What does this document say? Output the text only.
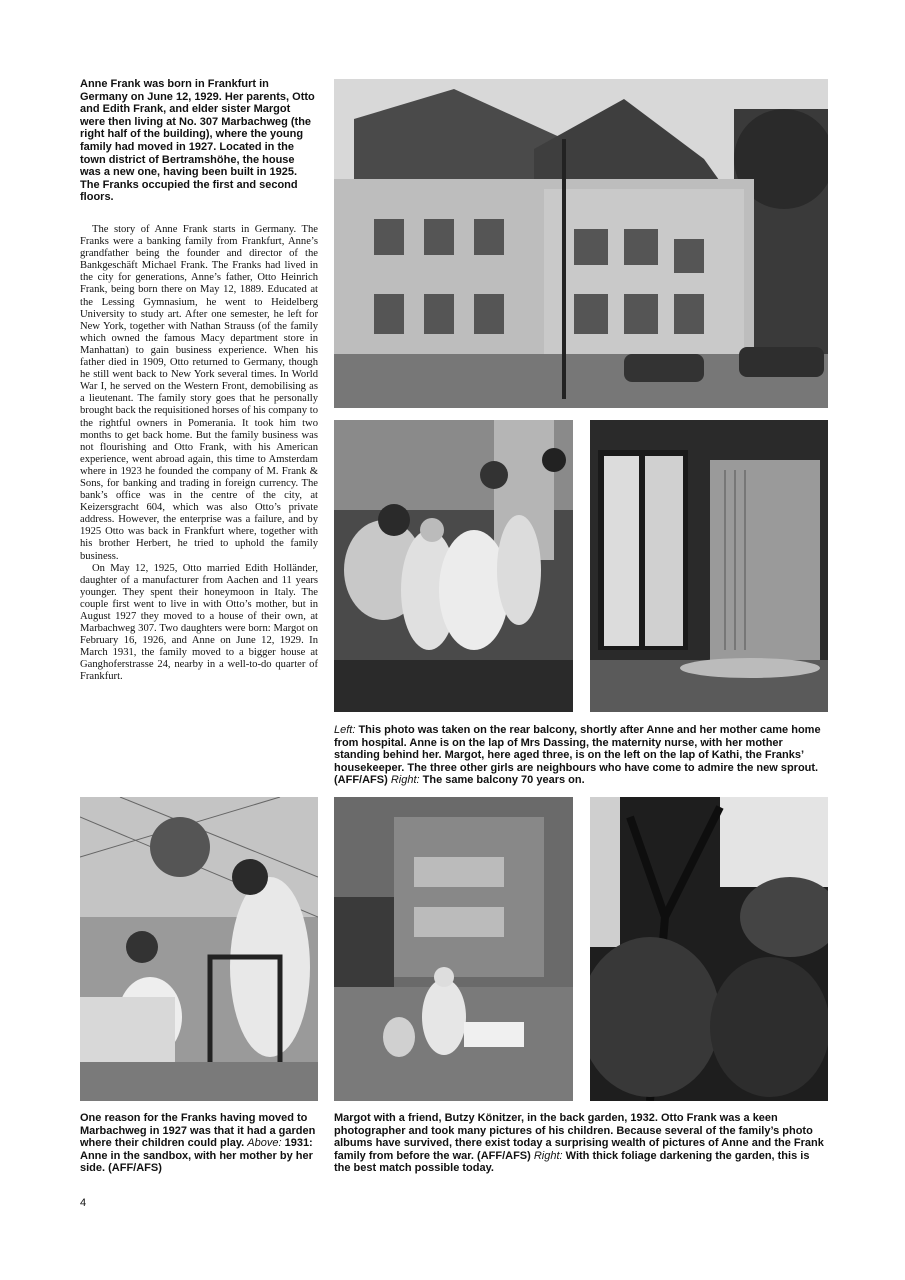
Anne Frank was born in Frankfurt in Germany on June 12, 1929. Her parents, Otto and Edith Frank, and elder sister Margot were then living at No. 307 Marbachweg (the right half of the building), where the young family had moved in 1927. Located in the town district of Bertramshöhe, the house was a new one, having been built in 1925. The Franks occupied the first and second floors.

The story of Anne Frank starts in Germany. The Franks were a banking family from Frankfurt, Anne’s grandfather being the founder and director of the Bankgeschäft Michael Frank. The Franks had lived in the city for generations, Anne’s father, Otto Heinrich Frank, being born there on May 12, 1889. Educated at the Lessing Gymnasium, he went to Heidelberg University to study art. After one semester, he left for New York, together with Nathan Strauss (of the family which owned the famous Macy department store in Manhattan) to gain business experience. When his father died in 1909, Otto returned to Germany, though he still went back to New York several times. In World War I, he served on the Western Front, demobilising as a lieutenant. The family story goes that he personally brought back the requisitioned horses of his company to the rightful owners in Pomerania. It took him two months to get back home. But the family business was not flourishing and Otto Frank, with his American experience, went abroad again, this time to Amsterdam where in 1923 he founded the company of M. Frank & Sons, for banking and trading in foreign currency. The bank’s office was in the centre of the city, at Keizersgracht 604, which was also Otto’s private address. However, the enterprise was a failure, and by 1925 Otto was back in Frankfurt where, together with his brother Herbert, he tried to uphold the family business.

On May 12, 1925, Otto married Edith Holländer, daughter of a manufacturer from Aachen and 11 years younger. They spent their honeymoon in Italy. The couple first went to live in with Otto’s mother, but in August 1927 they moved to a house of their own, at Marbachweg 307. Two daughters were born: Margot on February 16, 1926, and Anne on June 12, 1929. In March 1931, the family moved to a bigger house at Ganghoferstrasse 24, nearby in a well-to-do quarter of Frankfurt.

Left: This photo was taken on the rear balcony, shortly after Anne and her mother came home from hospital. Anne is on the lap of Mrs Dassing, the maternity nurse, with her mother standing behind her. Margot, here aged three, is on the left on the lap of Kathi, the Franks’ housekeeper. The three other girls are neighbours who have come to admire the new sprout. (AFF/AFS) Right: The same balcony 70 years on.

One reason for the Franks having moved to Marbachweg in 1927 was that it had a garden where their children could play. Above: 1931: Anne in the sandbox, with her mother by her side. (AFF/AFS)

Margot with a friend, Butzy Könitzer, in the back garden, 1932. Otto Frank was a keen photographer and took many pictures of his children. Because several of the family’s photo albums have survived, there exist today a surprising wealth of pictures of Anne and the Frank family from before the war. (AFF/AFS) Right: With thick foliage darkening the garden, this is the best match possible today.

4
